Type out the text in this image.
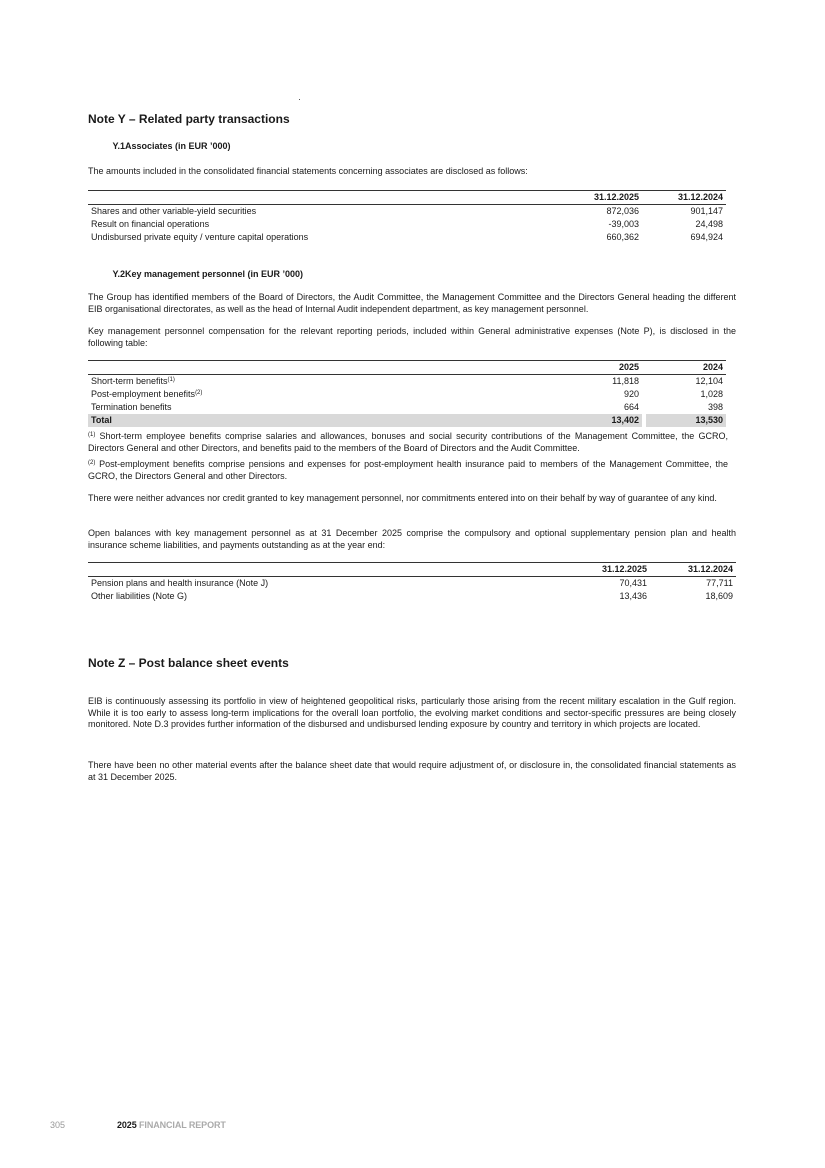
Note Y – Related party transactions
Y.1Associates (in EUR ’000)

The amounts included in the consolidated financial statements concerning associates are disclosed as follows:

	31.12.2025		31.12.2024
Shares and other variable-yield securities	872,036		901,147
Result on financial operations	-39,003		24,498
Undisbursed private equity / venture capital operations	660,362		694,924
Y.2Key management personnel (in EUR ’000)

The Group has identified members of the Board of Directors, the Audit Committee, the Management Committee and the Directors General heading the different EIB organisational directorates, as well as the head of Internal Audit independent department, as key management personnel.

Key management personnel compensation for the relevant reporting periods, included within General administrative expenses (Note P), is disclosed in the following table:

	2025		2024
Short-term benefits$^{(1)}$	11,818		12,104
Post-employment benefits$^{(2)}$	920		1,028
Termination benefits	664		398
Total	13,402		13,530
$^{(1)}$ Short-term employee benefits comprise salaries and allowances, bonuses and social security contributions of the Management Committee, the GCRO, Directors General and other Directors, and benefits paid to the members of the Board of Directors and the Audit Committee.
$^{(2)}$ Post-employment benefits comprise pensions and expenses for post-employment health insurance paid to members of the Management Committee, the GCRO, the Directors General and other Directors.

There were neither advances nor credit granted to key management personnel, nor commitments entered into on their behalf by way of guarantee of any kind.

Open balances with key management personnel as at 31 December 2025 comprise the compulsory and optional supplementary pension plan and health insurance scheme liabilities, and payments outstanding as at the year end:

	31.12.2025		31.12.2024
Pension plans and health insurance (Note J)	70,431		77,711
Other liabilities (Note G)	13,436		18,609
Note Z – Post balance sheet events

EIB is continuously assessing its portfolio in view of heightened geopolitical risks, particularly those arising from the recent military escalation in the Gulf region. While it is too early to assess long-term implications for the overall loan portfolio, the evolving market conditions and sector-specific pressures are being closely monitored. Note D.3 provides further information of the disbursed and undisbursed lending exposure by country and territory in which projects are located.

There have been no other material events after the balance sheet date that would require adjustment of, or disclosure in, the consolidated financial statements as at 31 December 2025.

305	2025 FINANCIAL REPORT
